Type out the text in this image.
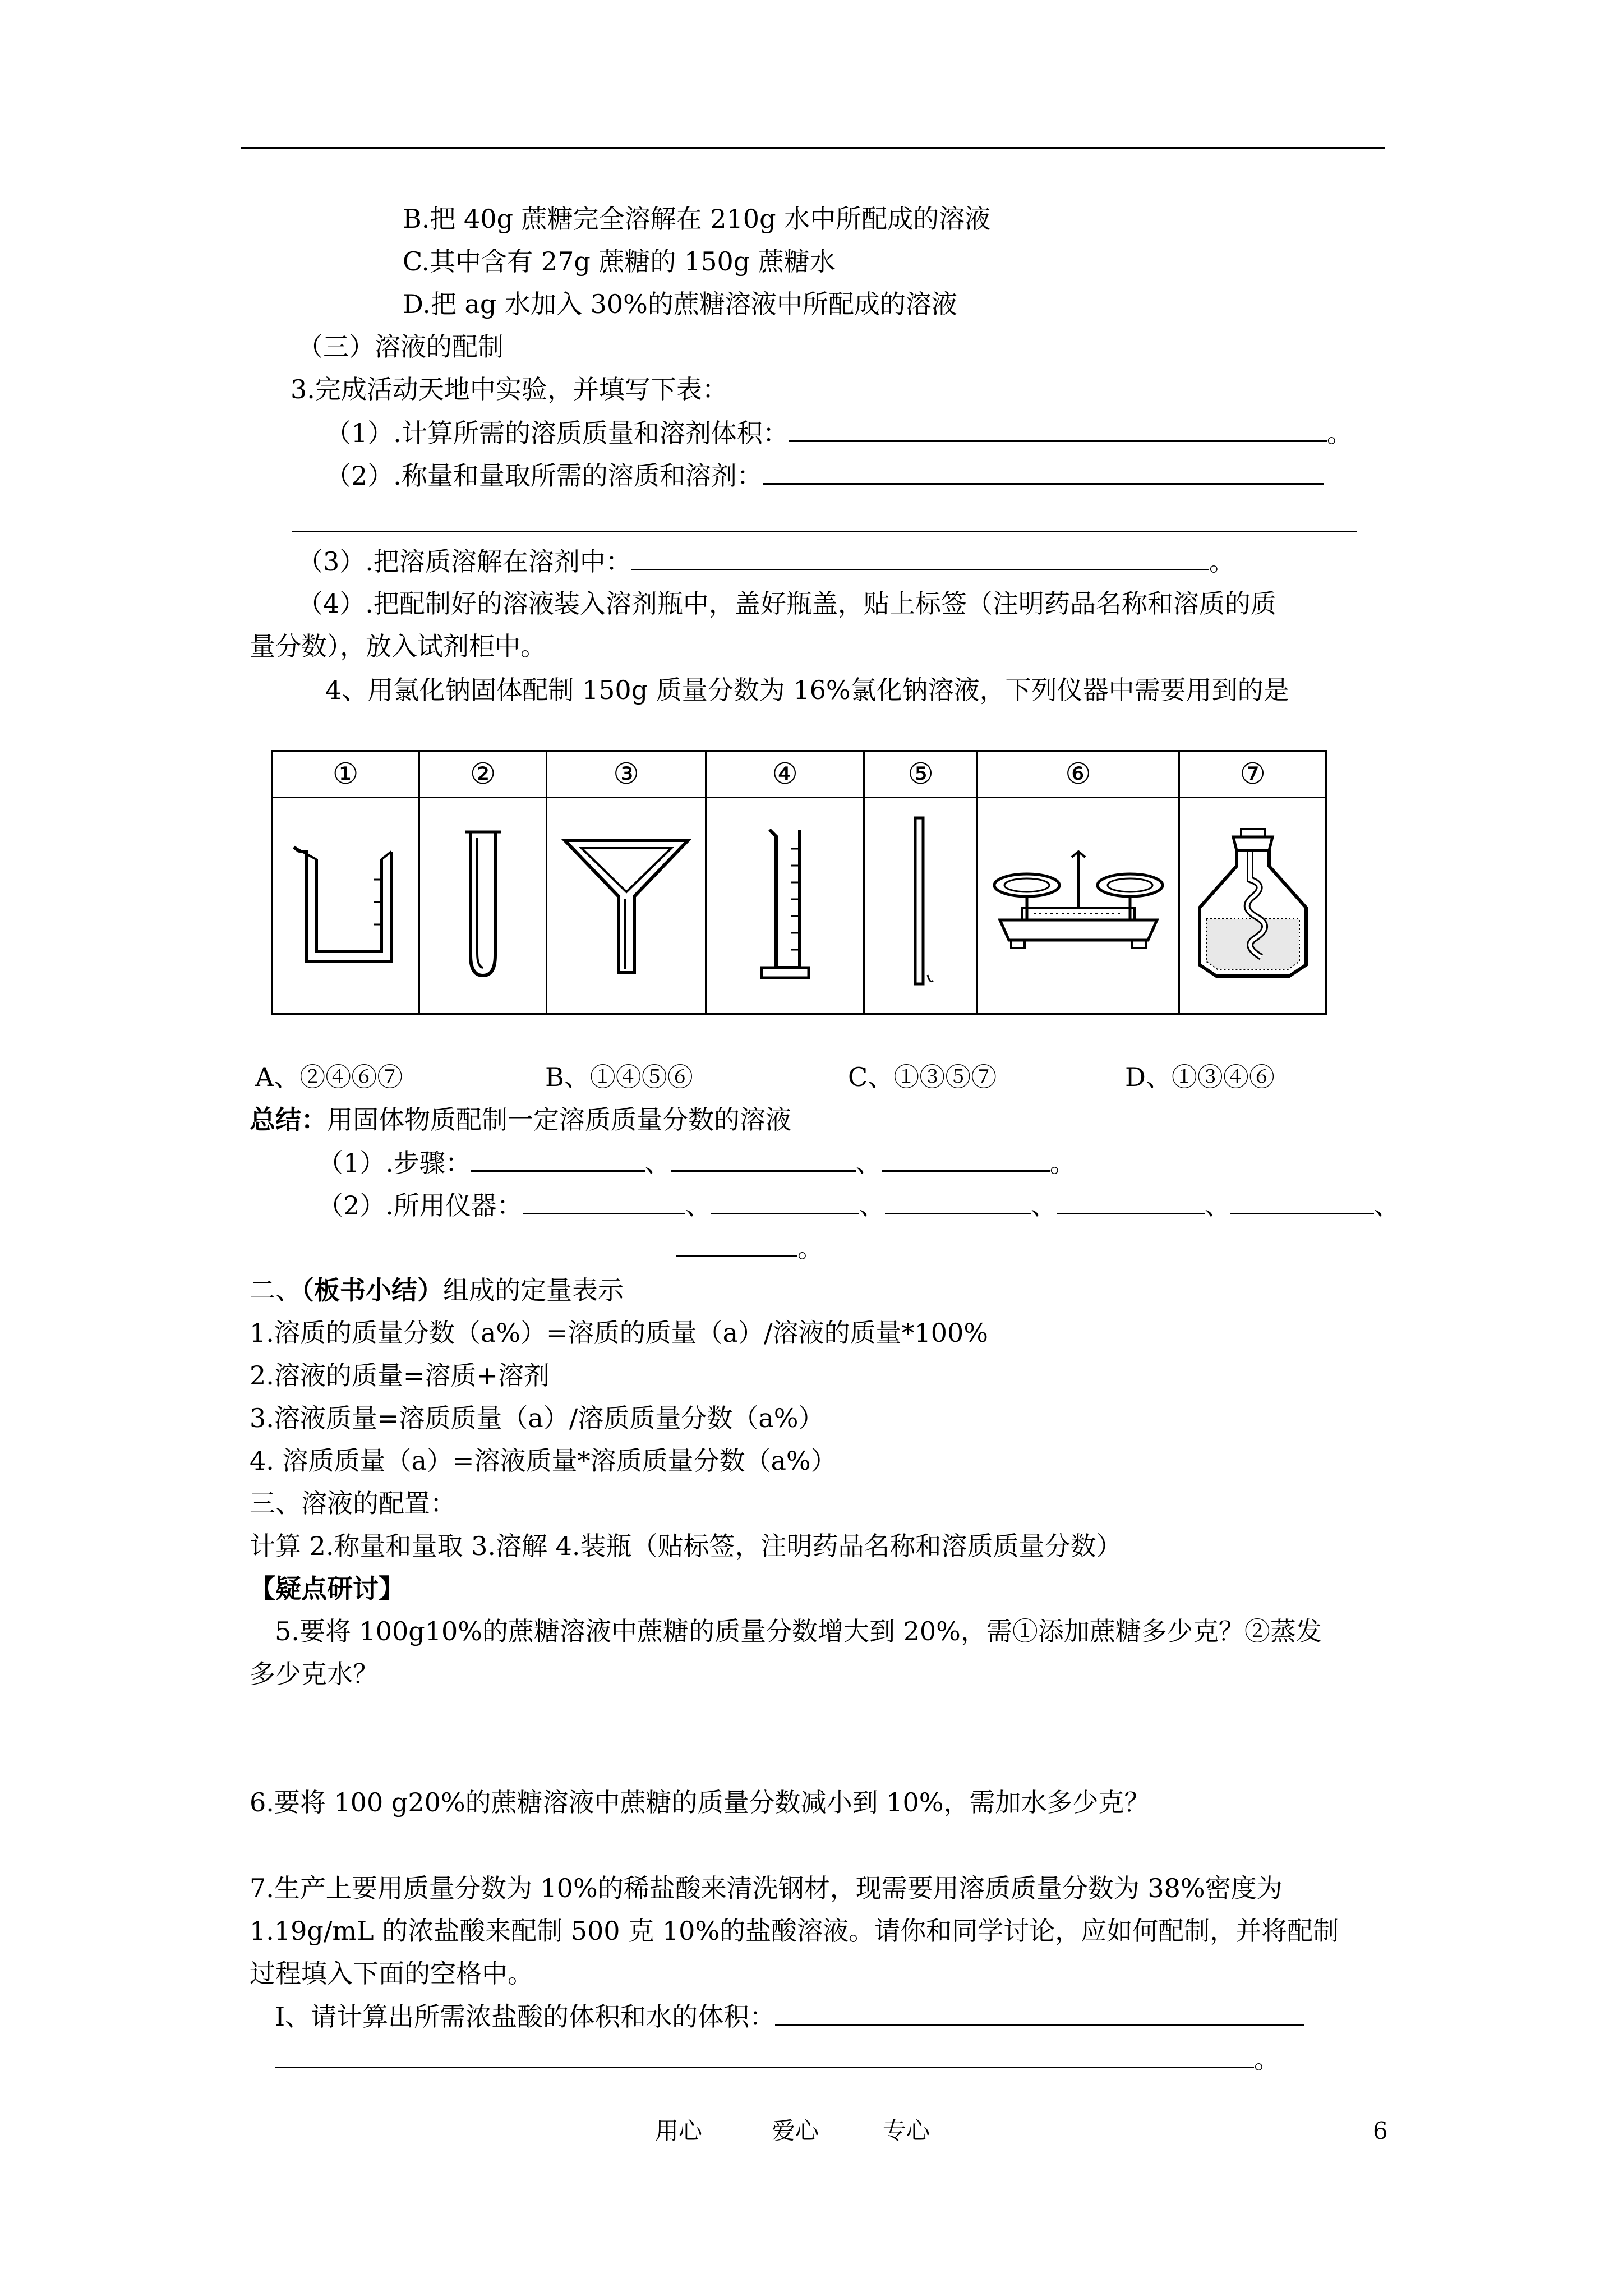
B.把 40g 蔗糖完全溶解在 210g 水中所配成的溶液
C.其中含有 27g 蔗糖的 150g 蔗糖水
D.把 ag 水加入 30%的蔗糖溶液中所配成的溶液
（三）溶液的配制
3.完成活动天地中实验，并填写下表：
（1）.计算所需的溶质质量和溶剂体积：	。
（2）.称量和量取所需的溶质和溶剂：
（3）.把溶质溶解在溶剂中：	。
（4）.把配制好的溶液装入溶剂瓶中，盖好瓶盖，贴上标签（注明药品名称和溶质的质
量分数），放入试剂柜中。
4、用氯化钠固体配制 150g 质量分数为 16%氯化钠溶液，下列仪器中需要用到的是
①	②	③	④	⑤	⑥	⑦

A、②④⑥⑦	B、①④⑤⑥	C、①③⑤⑦	D、①③④⑥
总结：用固体物质配制一定溶质质量分数的溶液
（1）.步骤：	、	、	。
（2）.所用仪器：	、	、	、	、	、
。
二、（板书小结）组成的定量表示
1.溶质的质量分数（a%）=溶质的质量（a）/溶液的质量*100%
2.溶液的质量=溶质+溶剂
3.溶液质量=溶质质量（a）/溶质质量分数（a%）
4. 溶质质量（a）=溶液质量*溶质质量分数（a%）
三、溶液的配置：
计算 2.称量和量取 3.溶解 4.装瓶（贴标签，注明药品名称和溶质质量分数）
【疑点研讨】
5.要将 100g10%的蔗糖溶液中蔗糖的质量分数增大到 20%，需①添加蔗糖多少克？②蒸发
多少克水？
6.要将 100 g20%的蔗糖溶液中蔗糖的质量分数减小到 10%，需加水多少克？
7.生产上要用质量分数为 10%的稀盐酸来清洗钢材，现需要用溶质质量分数为 38%密度为
1.19g/mL 的浓盐酸来配制 500 克 10%的盐酸溶液。请你和同学讨论，应如何配制，并将配制
过程填入下面的空格中。
Ⅰ、请计算出所需浓盐酸的体积和水的体积：
。
用心	爱心	专心	6
